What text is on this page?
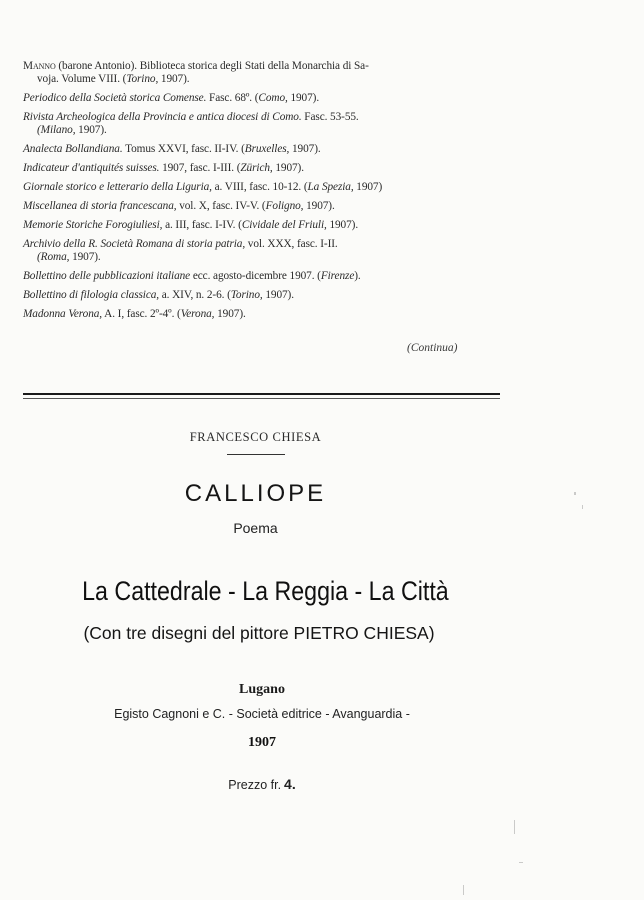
Manno (barone Antonio). Biblioteca storica degli Stati della Monarchia di Sa-
voja. Volume VIII. (Torino, 1907).
Periodico della Società storica Comense. Fasc. 68º. (Como, 1907).
Rivista Archeologica della Provincia e antica diocesi di Como. Fasc. 53-55.
(Milano, 1907).
Analecta Bollandiana. Tomus XXVI, fasc. II-IV. (Bruxelles, 1907).
Indicateur d'antiquités suisses. 1907, fasc. I-III. (Zürich, 1907).
Giornale storico e letterario della Liguria, a. VIII, fasc. 10-12. (La Spezia, 1907)
Miscellanea di storia francescana, vol. X, fasc. IV-V. (Foligno, 1907).
Memorie Storiche Forogiuliesi, a. III, fasc. I-IV. (Cividale del Friuli, 1907).
Archivio della R. Società Romana di storia patria, vol. XXX, fasc. I-II.
(Roma, 1907).
Bollettino delle pubblicazioni italiane ecc. agosto-dicembre 1907. (Firenze).
Bollettino di filologia classica, a. XIV, n. 2-6. (Torino, 1907).
Madonna Verona, A. I, fasc. 2º-4º. (Verona, 1907).
(Continua)
FRANCESCO CHIESA
CALLIOPE
Poema
La Cattedrale - La Reggia - La Città
(Con tre disegni del pittore PIETRO CHIESA)
Lugano
Egisto Cagnoni e C. - Società editrice - Avanguardia -
1907
Prezzo fr. 4.
